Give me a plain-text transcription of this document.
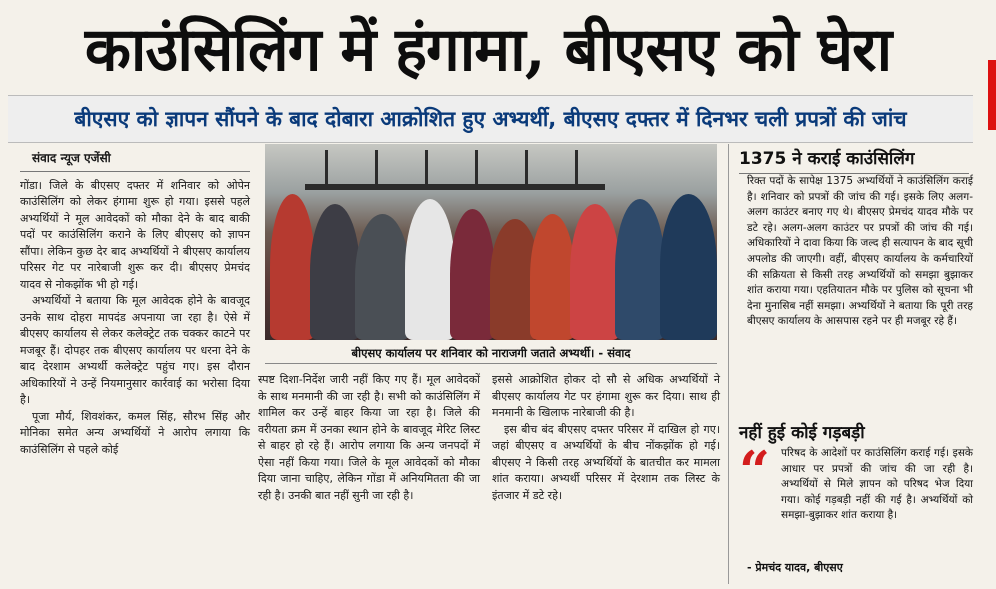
काउंसिलिंग में हंगामा, बीएसए को घेरा
बीएसए को ज्ञापन सौंपने के बाद दोबारा आक्रोशित हुए अभ्यर्थी, बीएसए दफ्तर में दिनभर चली प्रपत्रों की जांच

संवाद न्यूज एजेंसी

गोंडा। जिले के बीएसए दफ्तर में शनिवार को ओपेन काउंसिलिंग को लेकर हंगामा शुरू हो गया। इससे पहले अभ्यर्थियों ने मूल आवेदकों को मौका देने के बाद बाकी पदों पर काउंसिलिंग कराने के लिए बीएसए को ज्ञापन सौंपा। लेकिन कुछ देर बाद अभ्यर्थियों ने बीएसए कार्यालय परिसर गेट पर नारेबाजी शुरू कर दी। बीएसए प्रेमचंद यादव से नोकझोंक भी हो गई।

अभ्यर्थियों ने बताया कि मूल आवेदक होने के बावजूद उनके साथ दोहरा मापदंड अपनाया जा रहा है। ऐसे में बीएसए कार्यालय से लेकर कलेक्ट्रेट तक चक्कर काटने पर मजबूर हैं। दोपहर तक बीएसए कार्यालय पर धरना देने के बाद देरशाम अभ्यर्थी कलेक्ट्रेट पहुंच गए। इस दौरान अधिकारियों ने उन्हें नियमानुसार कार्रवाई का भरोसा दिया है।

पूजा मौर्य, शिवशंकर, कमल सिंह, सौरभ सिंह और मोनिका समेत अन्य अभ्यर्थियों ने आरोप लगाया कि काउंसिलिंग से पहले कोई

बीएसए कार्यालय पर शनिवार को नाराजगी जताते अभ्यर्थी। - संवाद

स्पष्ट दिशा-निर्देश जारी नहीं किए गए हैं। मूल आवेदकों के साथ मनमानी की जा रही है। सभी को काउंसिलिंग में शामिल कर उन्हें बाहर किया जा रहा है। जिले की वरीयता क्रम में उनका स्थान होने के बावजूद मेरिट लिस्ट से बाहर हो रहे हैं। आरोप लगाया कि अन्य जनपदों में ऐसा नहीं किया गया। जिले के मूल आवेदकों को मौका दिया जाना चाहिए, लेकिन गोंडा में अनियमितता की जा रही है। उनकी बात नहीं सुनी जा रही है।

इससे आक्रोशित होकर दो सौ से अधिक अभ्यर्थियों ने बीएसए कार्यालय गेट पर हंगामा शुरू कर दिया। साथ ही मनमानी के खिलाफ नारेबाजी की है।

इस बीच बंद बीएसए दफ्तर परिसर में दाखिल हो गए। जहां बीएसए व अभ्यर्थियों के बीच नोंकझोंक हो गई। बीएसए ने किसी तरह अभ्यर्थियों के बातचीत कर मामला शांत कराया। अभ्यर्थी परिसर में देरशाम तक लिस्ट के इंतजार में डटे रहे।

1375 ने कराई काउंसिलिंग
रिक्त पदों के सापेक्ष 1375 अभ्यर्थियों ने काउंसिलिंग कराई है। शनिवार को प्रपत्रों की जांच की गई। इसके लिए अलग-अलग काउंटर बनाए गए थे। बीएसए प्रेमचंद यादव मौके पर डटे रहे। अलग-अलग काउंटर पर प्रपत्रों की जांच की गई। अधिकारियों ने दावा किया कि जल्द ही सत्यापन के बाद सूची अपलोड की जाएगी। वहीं, बीएसए कार्यालय के कर्मचारियों की सक्रियता से किसी तरह अभ्यर्थियों को समझा बुझाकर शांत कराया गया। एहतियातन मौके पर पुलिस को सूचना भी देना मुनासिब नहीं समझा। अभ्यर्थियों ने बताया कि पूरी तरह बीएसए कार्यालय के आसपास रहने पर ही मजबूर रहे हैं।
नहीं हुई कोई गड़बड़ी
“ परिषद के आदेशों पर काउंसिलिंग कराई गई। इसके आधार पर प्रपत्रों की जांच की जा रही है। अभ्यर्थियों से मिले ज्ञापन को परिषद भेज दिया गया। कोई गड़बड़ी नहीं की गई है। अभ्यर्थियों को समझा-बुझाकर शांत कराया है।
- प्रेमचंद यादव, बीएसए
